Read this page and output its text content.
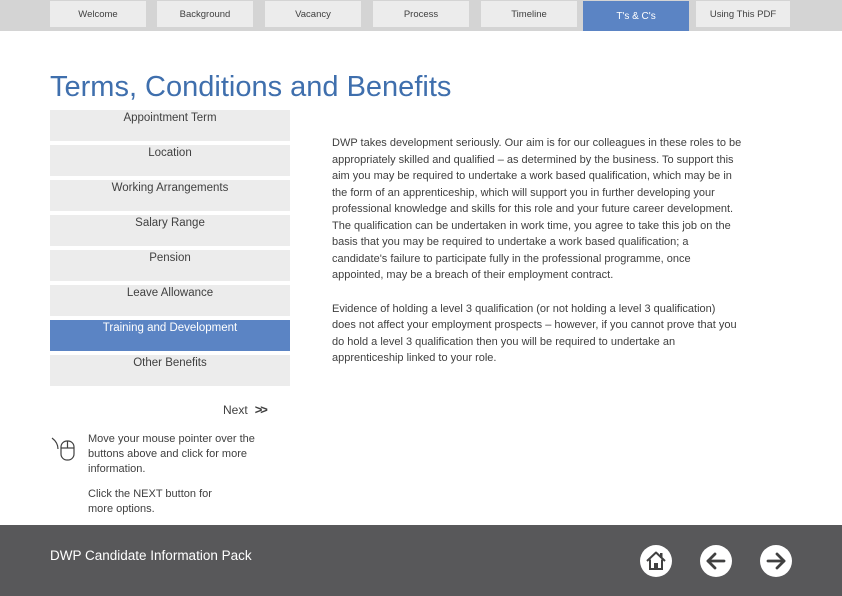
Welcome	Background	Vacancy	Process	Timeline	T's & C's	Using This PDF
Terms, Conditions and Benefits
Appointment Term
Location
Working Arrangements
Salary Range
Pension
Leave Allowance
Training and Development
Other Benefits

DWP takes development seriously. Our aim is for our colleagues in these roles to be appropriately skilled and qualified – as determined by the business. To support this aim you may be required to undertake a work based qualification, which may be in the form of an apprenticeship, which will support you in further developing your professional knowledge and skills for this role and your future career development. The qualification can be undertaken in work time, you agree to take this job on the basis that you may be required to undertake a work based qualification; a candidate's failure to participate fully in the professional programme, once appointed, may be a breach of their employment contract.

Evidence of holding a level 3 qualification (or not holding a level 3 qualification) does not affect your employment prospects – however, if you cannot prove that you do hold a level 3 qualification then you will be required to undertake an apprenticeship linked to your role.

Next >>
Move your mouse pointer over the buttons above and click for more information.
Click the NEXT button for more options.
DWP Candidate Information Pack
